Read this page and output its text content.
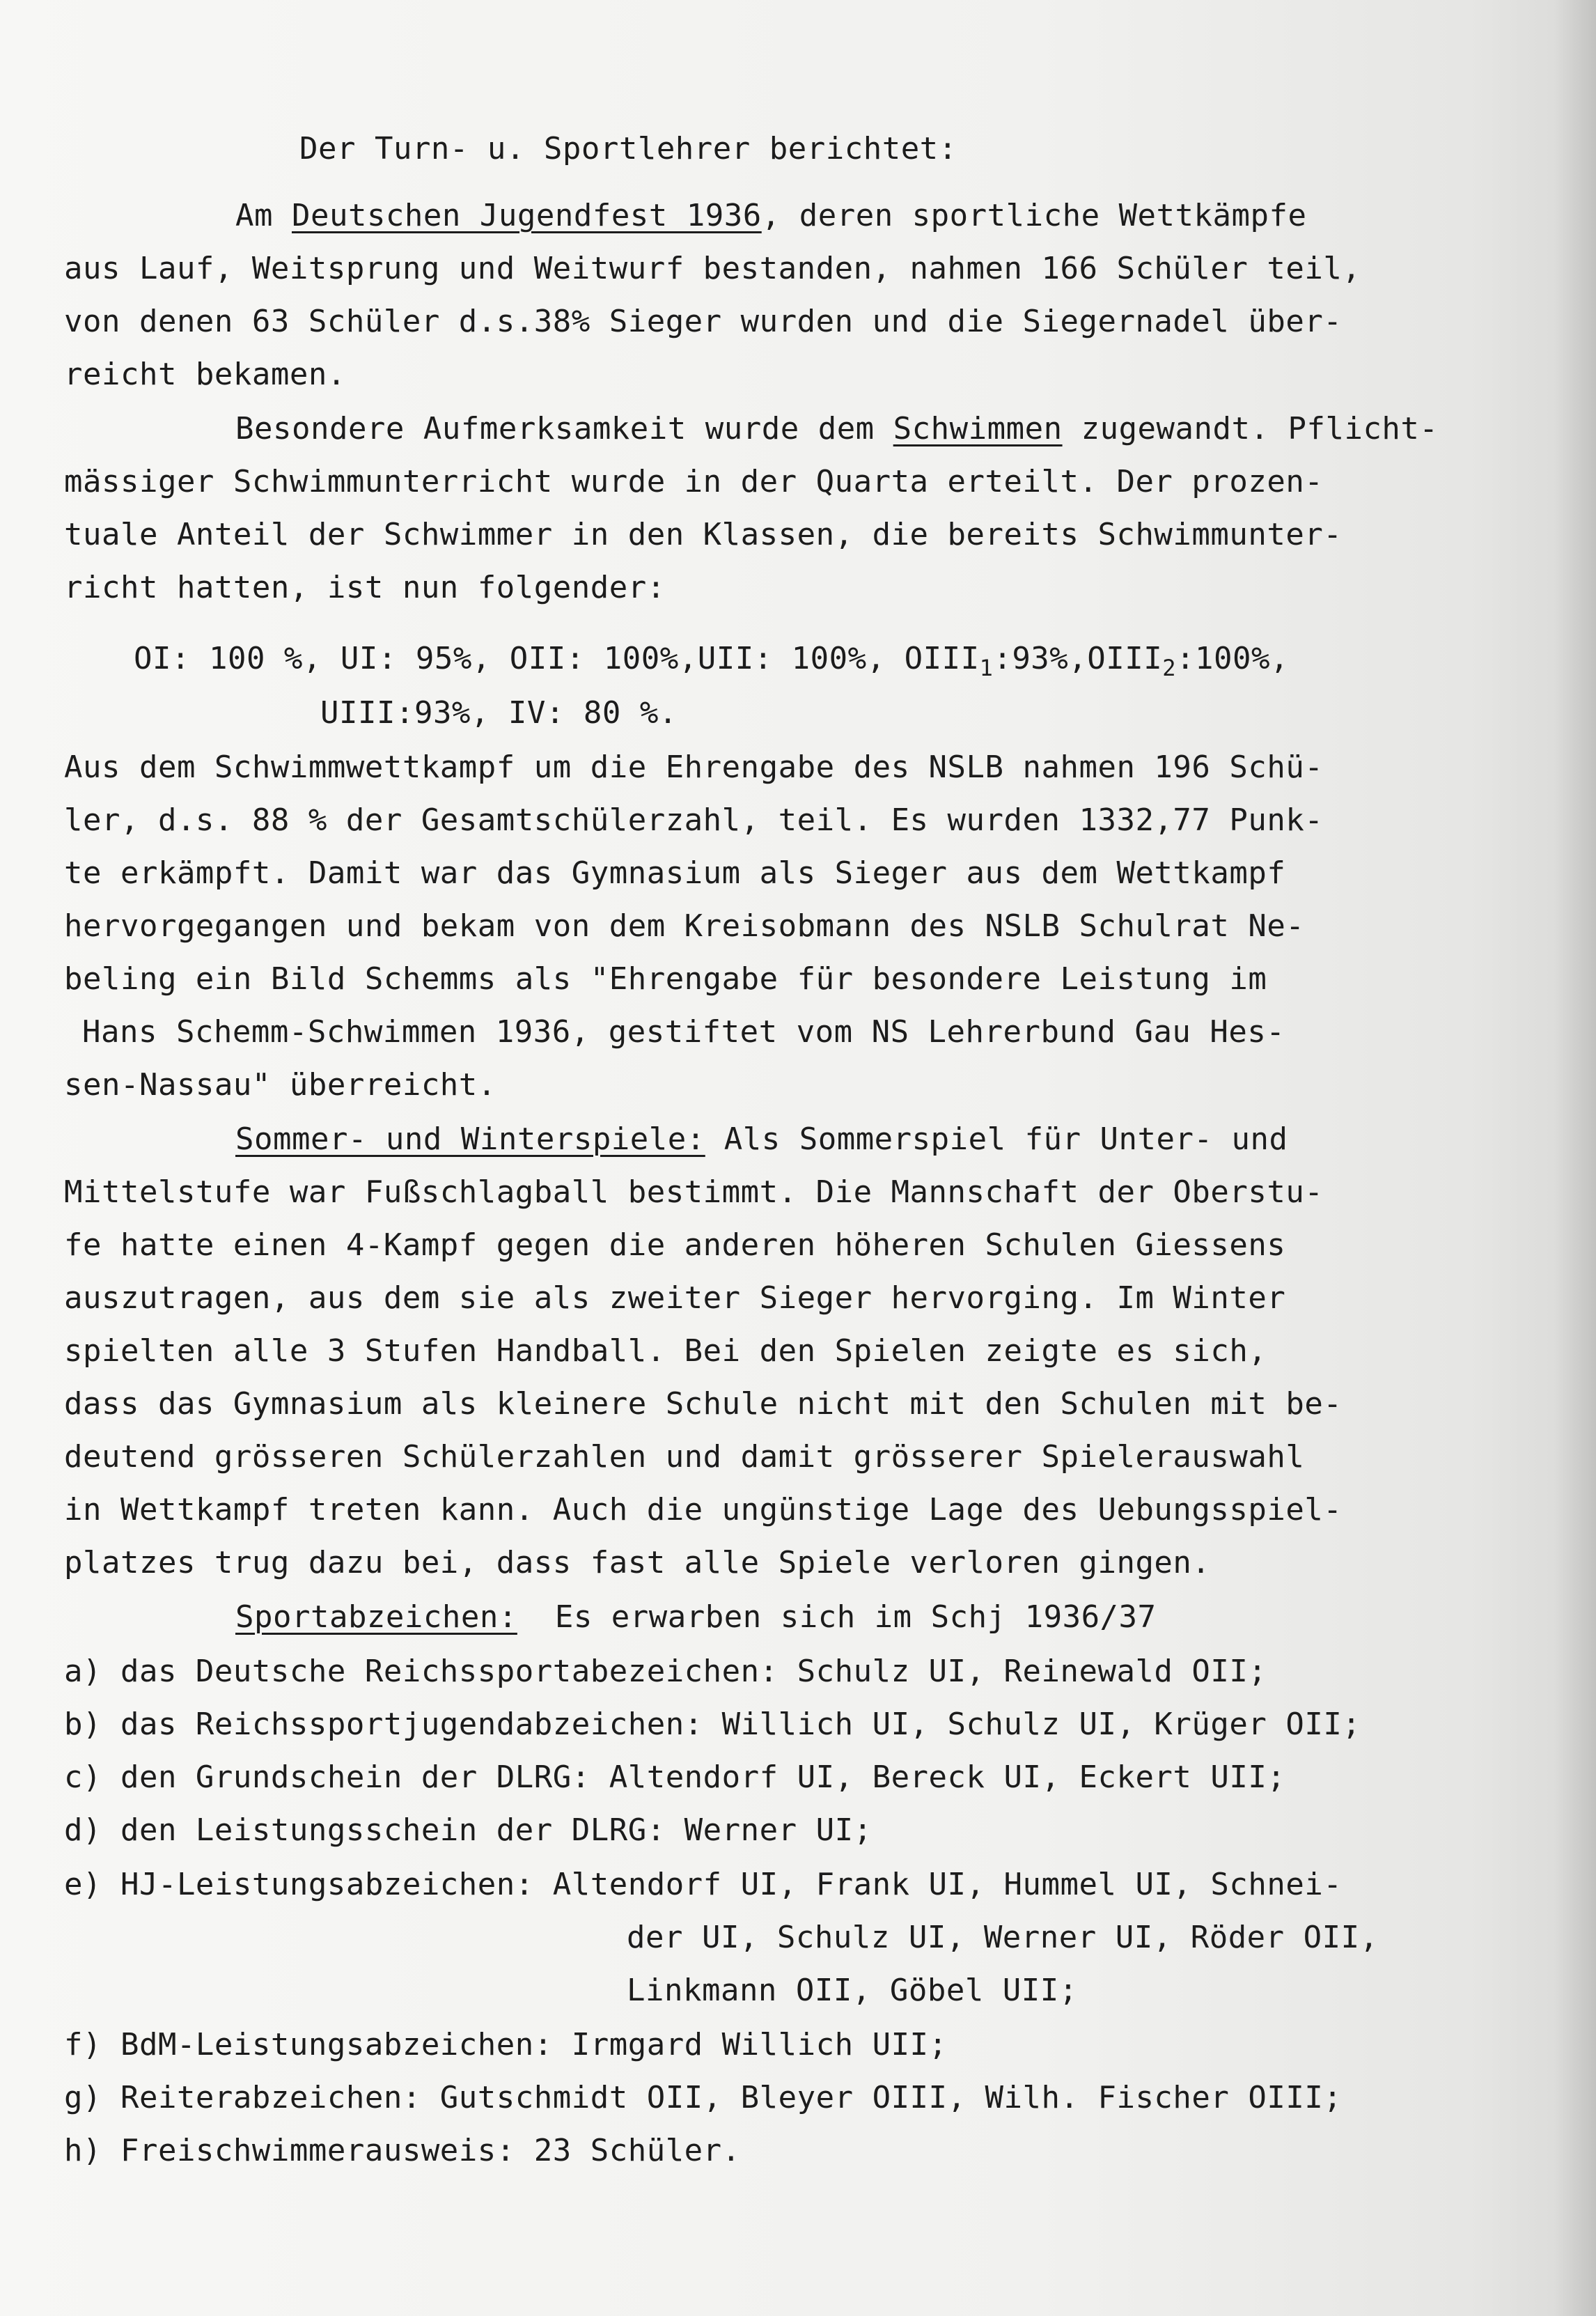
Der Turn- u. Sportlehrer berichtet:
Am Deutschen Jugendfest 1936, deren sportliche Wettkämpfe
aus Lauf, Weitsprung und Weitwurf bestanden, nahmen 166 Schüler teil,
von denen 63 Schüler d.s.38% Sieger wurden und die Siegernadel über-
reicht bekamen.
Besondere Aufmerksamkeit wurde dem Schwimmen zugewandt. Pflicht-
mässiger Schwimmunterricht wurde in der Quarta erteilt. Der prozen-
tuale Anteil der Schwimmer in den Klassen, die bereits Schwimmunter-
richt hatten, ist nun folgender:
OI: 100 %, UI: 95%, OII: 100%,UII: 100%, $OIII_1:93\%,OIII_2:100\%$,
UIII:93%, IV: 80 %.
Aus dem Schwimmwettkampf um die Ehrengabe des NSLB nahmen 196 Schü-
ler, d.s. 88 % der Gesamtschülerzahl, teil. Es wurden 1332,77 Punk-
te erkämpft. Damit war das Gymnasium als Sieger aus dem Wettkampf
hervorgegangen und bekam von dem Kreisobmann des NSLB Schulrat Ne-
beling ein Bild Schemms als "Ehrengabe für besondere Leistung im
Hans Schemm-Schwimmen 1936, gestiftet vom NS Lehrerbund Gau Hes-
sen-Nassau" überreicht.
Sommer- und Winterspiele: Als Sommerspiel für Unter- und
Mittelstufe war Fußschlagball bestimmt. Die Mannschaft der Oberstu-
fe hatte einen 4-Kampf gegen die anderen höheren Schulen Giessens
auszutragen, aus dem sie als zweiter Sieger hervorging. Im Winter
spielten alle 3 Stufen Handball. Bei den Spielen zeigte es sich,
dass das Gymnasium als kleinere Schule nicht mit den Schulen mit be-
deutend grösseren Schülerzahlen und damit grösserer Spielerauswahl
in Wettkampf treten kann. Auch die ungünstige Lage des Uebungsspiel-
platzes trug dazu bei, dass fast alle Spiele verloren gingen.
Sportabzeichen:  Es erwarben sich im Schj 1936/37
a) das Deutsche Reichssportabezeichen: Schulz UI, Reinewald OII;
b) das Reichssportjugendabzeichen: Willich UI, Schulz UI, Krüger OII;
c) den Grundschein der DLRG: Altendorf UI, Bereck UI, Eckert UII;
d) den Leistungsschein der DLRG: Werner UI;
e) HJ-Leistungsabzeichen: Altendorf UI, Frank UI, Hummel UI, Schnei-
der UI, Schulz UI, Werner UI, Röder OII,
Linkmann OII, Göbel UII;
f) BdM-Leistungsabzeichen: Irmgard Willich UII;
g) Reiterabzeichen: Gutschmidt OII, Bleyer OIII, Wilh. Fischer OIII;
h) Freischwimmerausweis: 23 Schüler.
